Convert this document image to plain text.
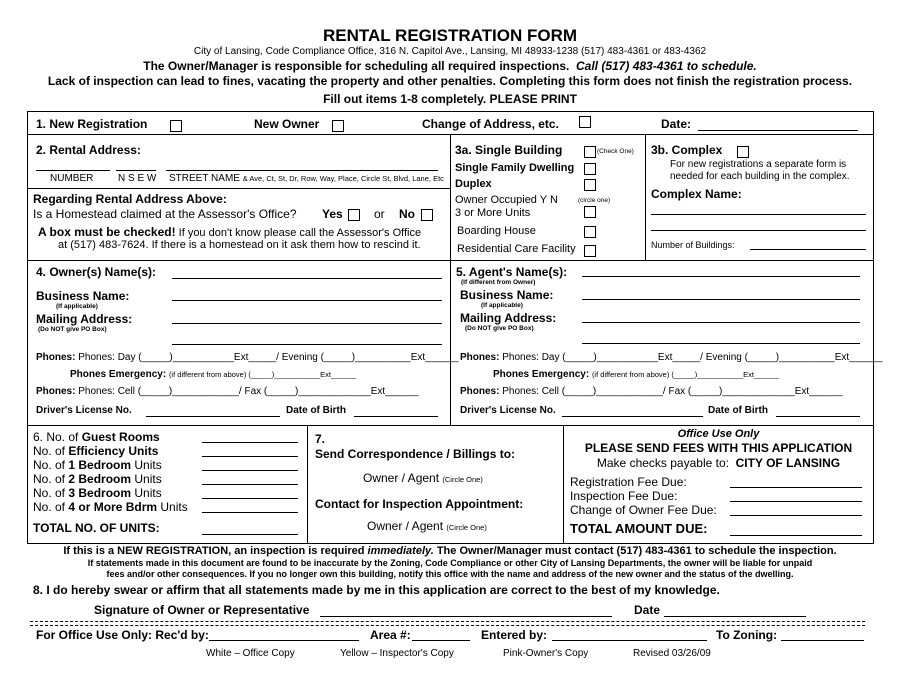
RENTAL REGISTRATION FORM
City of Lansing, Code Compliance Office, 316 N. Capitol Ave., Lansing, MI 48933-1238 (517) 483-4361 or 483-4362
The Owner/Manager is responsible for scheduling all required inspections. Call (517) 483-4361 to schedule.
Lack of inspection can lead to fines, vacating the property and other penalties. Completing this form does not finish the registration process.
Fill out items 1-8 completely. PLEASE PRINT
1. New Registration	New Owner	Change of Address, etc.	Date:
2. Rental Address:
NUMBER N S E W STREET NAME & Ave, Ct, St, Dr, Row, Way, Place, Circle St, Blvd, Lane, Etc
Regarding Rental Address Above:
Is a Homestead claimed at the Assessor's Office? Yes	or No
A box must be checked! If you don't know please call the Assessor's Office
at (517) 483-7624. If there is a homestead on it ask them how to rescind it.
3a. Single Building	(Check One)
Single Family Dwelling
Duplex
Owner Occupied Y N	(circle one)
3 or More Units
Boarding House
Residential Care Facility
3b. Complex
For new registrations a separate form is
needed for each building in the complex.
Complex Name:
Number of Buildings:
4. Owner(s) Name(s):
Business Name:
(If applicable)
Mailing Address:
(Do NOT give PO Box)
Phones: Phones: Day (_____)___________Ext_____/ Evening (_____)__________Ext______
Phones Emergency: (if different from above) (_____)___________Ext______
Phones: Phones: Cell (_____)____________/ Fax (_____)_____________Ext______
Driver's License No.	Date of Birth
5. Agent's Name(s):
(If different from Owner)
Business Name:
(If applicable)
Mailing Address:
(Do NOT give PO Box)
Phones: Phones: Day (_____)___________Ext_____/ Evening (_____)__________Ext______
Phones Emergency: (if different from above) (_____)___________Ext______
Phones: Phones: Cell (_____)____________/ Fax (_____)_____________Ext______
Driver's License No.	Date of Birth
6. No. of Guest Rooms
No. of Efficiency Units
No. of 1 Bedroom Units
No. of 2 Bedroom Units
No. of 3 Bedroom Units
No. of 4 or More Bdrm Units
TOTAL NO. OF UNITS:
7.
Send Correspondence / Billings to:
Owner / Agent (Circle One)
Contact for Inspection Appointment:
Owner / Agent (Circle One)
Office Use Only
PLEASE SEND FEES WITH THIS APPLICATION
Make checks payable to: CITY OF LANSING
Registration Fee Due:
Inspection Fee Due:
Change of Owner Fee Due:
TOTAL AMOUNT DUE:
If this is a NEW REGISTRATION, an inspection is required immediately. The Owner/Manager must contact (517) 483-4361 to schedule the inspection.
If statements made in this document are found to be inaccurate by the Zoning, Code Compliance or other City of Lansing Departments, the owner will be liable for unpaid
fees and/or other consequences. If you no longer own this building, notify this office with the name and address of the new owner and the status of the dwelling.
8. I do hereby swear or affirm that all statements made by me in this application are correct to the best of my knowledge.
Signature of Owner or Representative	Date
For Office Use Only: Rec'd by:	Area #:	Entered by:	To Zoning:
White – Office Copy	Yellow – Inspector's Copy	Pink-Owner's Copy	Revised 03/26/09
